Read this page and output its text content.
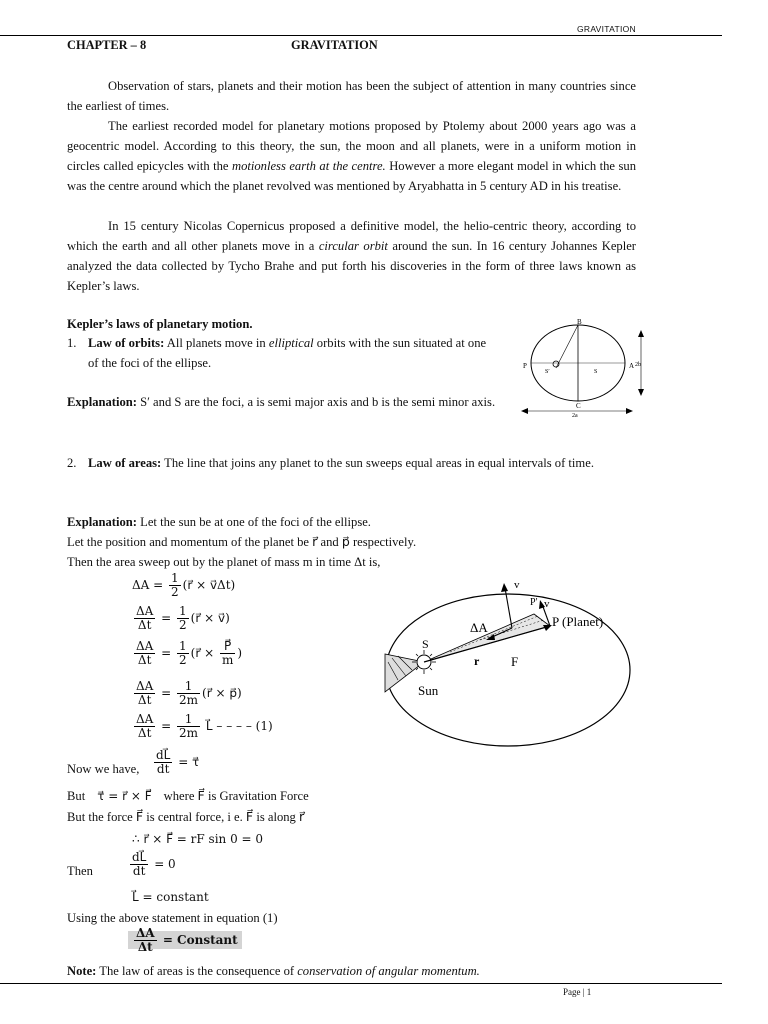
GRAVITATION
CHAPTER – 8	GRAVITATION

Observation of stars, planets and their motion has been the subject of attention in many countries since the earliest of times.

The earliest recorded model for planetary motions proposed by Ptolemy about 2000 years ago was a geocentric model. According to this theory, the sun, the moon and all planets, were in a uniform motion in circles called epicycles with the motionless earth at the centre. However a more elegant model in which the sun was the centre around which the planet revolved was mentioned by Aryabhatta in 5 century AD in his treatise.

In 15 century Nicolas Copernicus proposed a definitive model, the helio-centric theory, according to which the earth and all other planets move in a circular orbit around the sun. In 16 century Johannes Kepler analyzed the data collected by Tycho Brahe and put forth his discoveries in the form of three laws known as Kepler’s laws.

Kepler’s laws of planetary motion.
1. Law of orbits: All planets move in elliptical orbits with the sun situated at one of the foci of the ellipse.

Explanation: S′ and S are the foci, a is semi major axis and b is the semi minor axis.

B
C
P	A
S′	S
2b
2a
2. Law of areas: The line that joins any planet to the sun sweeps equal areas in equal intervals of time.
Explanation: Let the sun be at one of the foci of the ellipse.
Let the position and momentum of the planet be r⃗ and p⃗ respectively.
Then the area sweep out by the planet of mass m in time Δt is,
$\Delta A = \frac{1}{2}$ (r⃗ × v⃗Δt)
$\frac{\Delta A}{\Delta t} = \frac{1}{2}$ (r⃗ × v⃗)
$\frac{\Delta A}{\Delta t} = \frac{1}{2}$ (r⃗ × $\frac{P⃗}{m}$ )
$\frac{\Delta A}{\Delta t} = \frac{1}{2m}$ (r⃗ × p⃗)
$\frac{\Delta A}{\Delta t} = \frac{1}{2m}$ L⃗ – – – – (1)
Now we have, $\frac{dL⃗}{dt}$ = τ⃗
But τ⃗ = r⃗ × F⃗ where F⃗ is Gravitation Force
But the force F⃗ is central force, i e. F⃗ is along r⃗
∴ r⃗ × F⃗ = rF sin 0 = 0
Then	$\frac{dL⃗}{dt} = 0$
L⃗ = constant
Using the above statement in equation (1)
$\frac{\Delta A}{\Delta t}$ = Constant
Note: The law of areas is the consequence of conservation of angular momentum.
v
v
P′
P (Planet)
ΔA
S
r F
Sun
Page | 1
